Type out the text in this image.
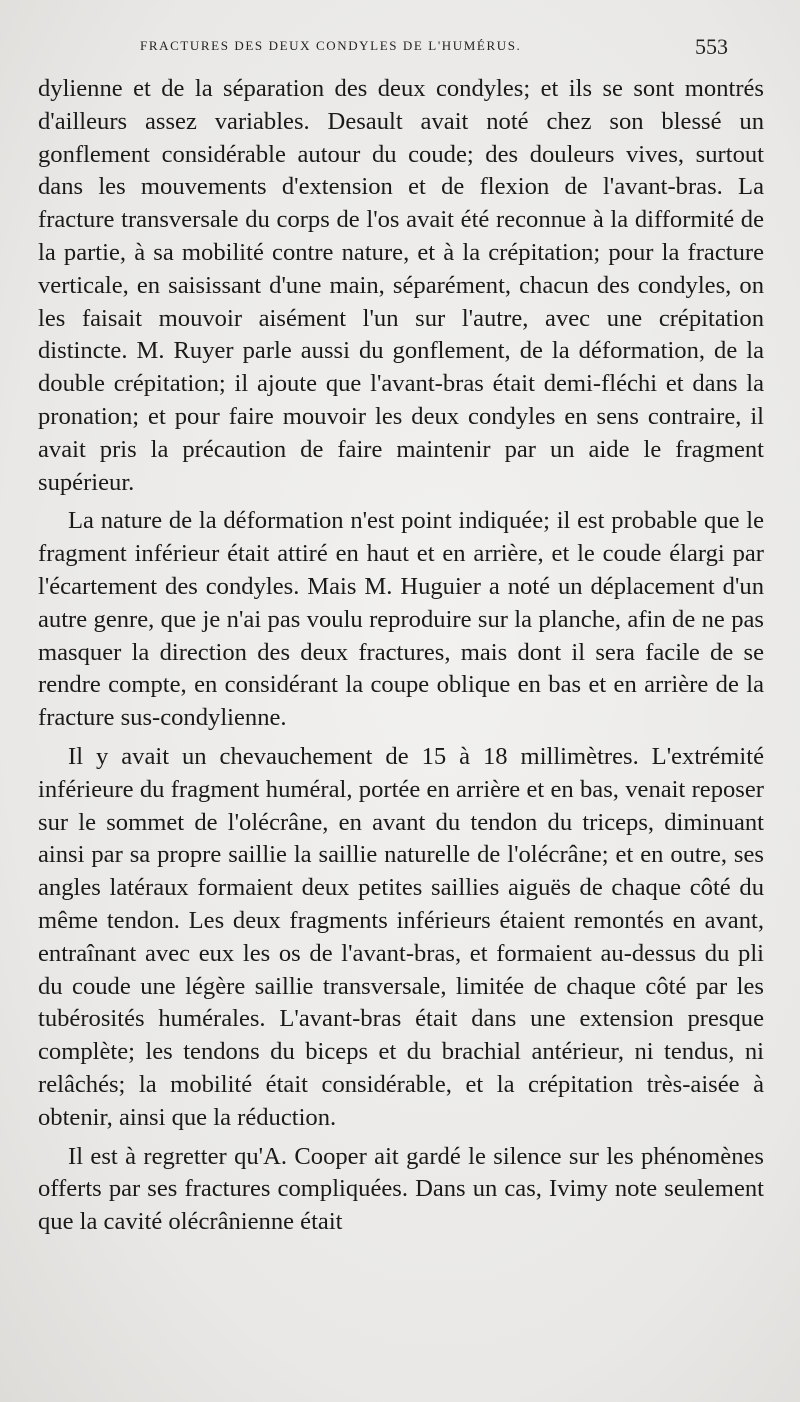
FRACTURES DES DEUX CONDYLES DE L'HUMÉRUS.	553

dylienne et de la séparation des deux condyles; et ils se sont montrés d'ailleurs assez variables. Desault avait noté chez son blessé un gonflement considérable autour du coude; des douleurs vives, surtout dans les mouvements d'extension et de flexion de l'avant-bras. La fracture transversale du corps de l'os avait été reconnue à la difformité de la partie, à sa mobilité contre nature, et à la crépitation; pour la fracture verticale, en saisissant d'une main, séparément, chacun des condyles, on les faisait mouvoir aisément l'un sur l'autre, avec une crépitation distincte. M. Ruyer parle aussi du gonflement, de la déformation, de la double crépitation; il ajoute que l'avant-bras était demi-fléchi et dans la pronation; et pour faire mouvoir les deux condyles en sens contraire, il avait pris la précaution de faire maintenir par un aide le fragment supérieur.

La nature de la déformation n'est point indiquée; il est probable que le fragment inférieur était attiré en haut et en arrière, et le coude élargi par l'écartement des condyles. Mais M. Huguier a noté un déplacement d'un autre genre, que je n'ai pas voulu reproduire sur la planche, afin de ne pas masquer la direction des deux fractures, mais dont il sera facile de se rendre compte, en considérant la coupe oblique en bas et en arrière de la fracture sus-condylienne.

Il y avait un chevauchement de 15 à 18 millimètres. L'extrémité inférieure du fragment huméral, portée en arrière et en bas, venait reposer sur le sommet de l'olécrâne, en avant du tendon du triceps, diminuant ainsi par sa propre saillie la saillie naturelle de l'olécrâne; et en outre, ses angles latéraux formaient deux petites saillies aiguës de chaque côté du même tendon. Les deux fragments inférieurs étaient remontés en avant, entraînant avec eux les os de l'avant-bras, et formaient au-dessus du pli du coude une légère saillie transversale, limitée de chaque côté par les tubérosités humérales. L'avant-bras était dans une extension presque complète; les tendons du biceps et du brachial antérieur, ni tendus, ni relâchés; la mobilité était considérable, et la crépitation très-aisée à obtenir, ainsi que la réduction.

Il est à regretter qu'A. Cooper ait gardé le silence sur les phénomènes offerts par ses fractures compliquées. Dans un cas, Ivimy note seulement que la cavité olécrânienne était
